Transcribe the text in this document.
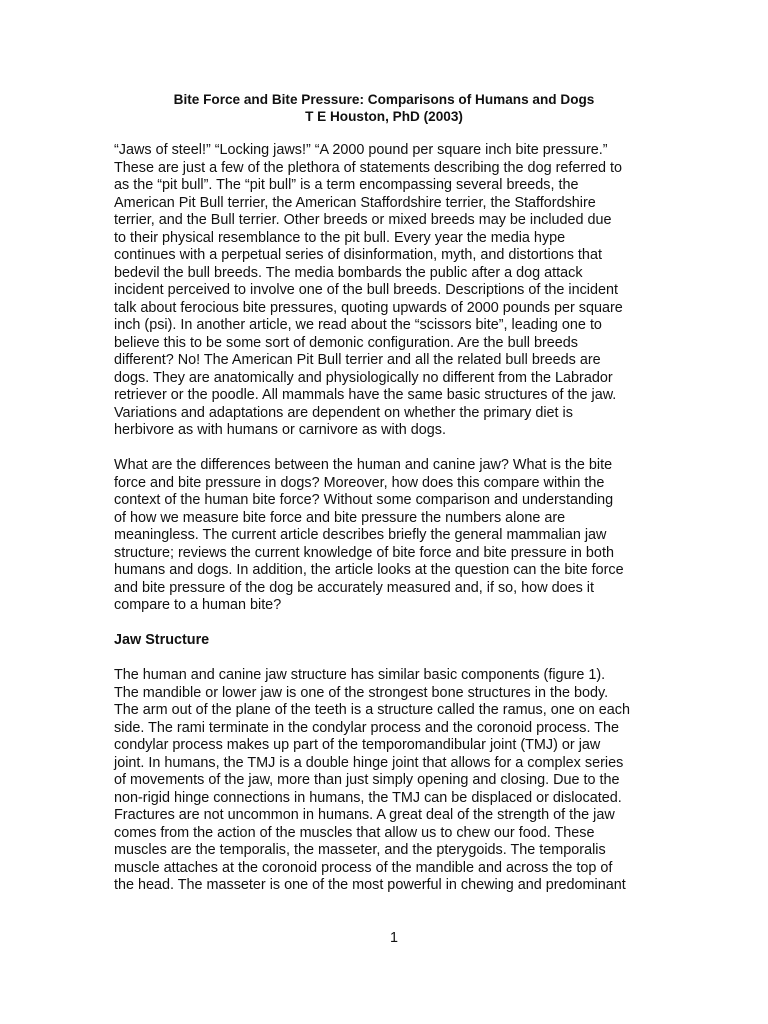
Bite Force and Bite Pressure: Comparisons of Humans and Dogs
T E Houston, PhD (2003)

“Jaws of steel!” “Locking jaws!” “A 2000 pound per square inch bite pressure.”
These are just a few of the plethora of statements describing the dog referred to
as the “pit bull”. The “pit bull” is a term encompassing several breeds, the
American Pit Bull terrier, the American Staffordshire terrier, the Staffordshire
terrier, and the Bull terrier. Other breeds or mixed breeds may be included due
to their physical resemblance to the pit bull. Every year the media hype
continues with a perpetual series of disinformation, myth, and distortions that
bedevil the bull breeds. The media bombards the public after a dog attack
incident perceived to involve one of the bull breeds. Descriptions of the incident
talk about ferocious bite pressures, quoting upwards of 2000 pounds per square
inch (psi). In another article, we read about the “scissors bite”, leading one to
believe this to be some sort of demonic configuration. Are the bull breeds
different? No! The American Pit Bull terrier and all the related bull breeds are
dogs. They are anatomically and physiologically no different from the Labrador
retriever or the poodle. All mammals have the same basic structures of the jaw.
Variations and adaptations are dependent on whether the primary diet is
herbivore as with humans or carnivore as with dogs.

What are the differences between the human and canine jaw? What is the bite
force and bite pressure in dogs? Moreover, how does this compare within the
context of the human bite force? Without some comparison and understanding
of how we measure bite force and bite pressure the numbers alone are
meaningless. The current article describes briefly the general mammalian jaw
structure; reviews the current knowledge of bite force and bite pressure in both
humans and dogs. In addition, the article looks at the question can the bite force
and bite pressure of the dog be accurately measured and, if so, how does it
compare to a human bite?

Jaw Structure

The human and canine jaw structure has similar basic components (figure 1).
The mandible or lower jaw is one of the strongest bone structures in the body.
The arm out of the plane of the teeth is a structure called the ramus, one on each
side. The rami terminate in the condylar process and the coronoid process. The
condylar process makes up part of the temporomandibular joint (TMJ) or jaw
joint. In humans, the TMJ is a double hinge joint that allows for a complex series
of movements of the jaw, more than just simply opening and closing. Due to the
non-rigid hinge connections in humans, the TMJ can be displaced or dislocated.
Fractures are not uncommon in humans. A great deal of the strength of the jaw
comes from the action of the muscles that allow us to chew our food. These
muscles are the temporalis, the masseter, and the pterygoids. The temporalis
muscle attaches at the coronoid process of the mandible and across the top of
the head. The masseter is one of the most powerful in chewing and predominant

1
